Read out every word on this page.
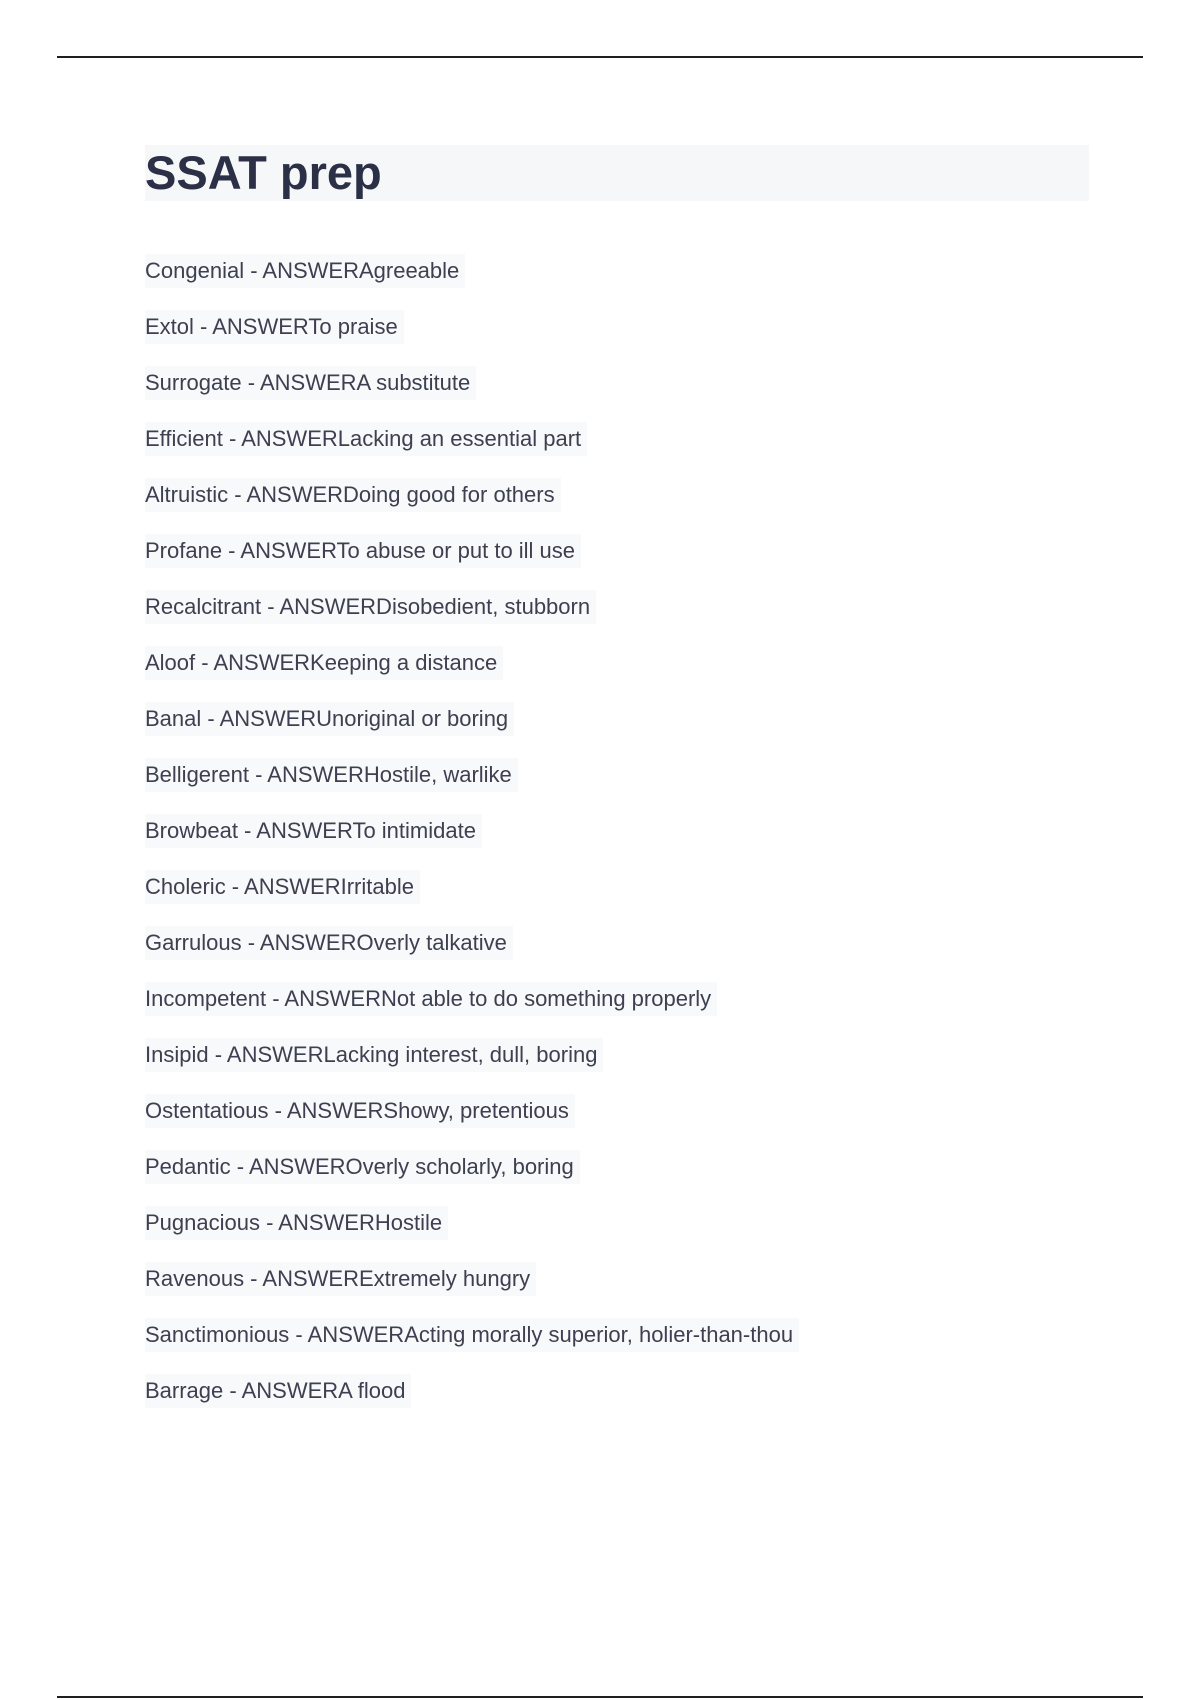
SSAT prep
Congenial - ANSWERAgreeable
Extol - ANSWERTo praise
Surrogate - ANSWERA substitute
Efficient - ANSWERLacking an essential part
Altruistic - ANSWERDoing good for others
Profane - ANSWERTo abuse or put to ill use
Recalcitrant - ANSWERDisobedient, stubborn
Aloof - ANSWERKeeping a distance
Banal - ANSWERUnoriginal or boring
Belligerent - ANSWERHostile, warlike
Browbeat - ANSWERTo intimidate
Choleric - ANSWERIrritable
Garrulous - ANSWEROverly talkative
Incompetent - ANSWERNot able to do something properly
Insipid - ANSWERLacking interest, dull, boring
Ostentatious - ANSWERShowy, pretentious
Pedantic - ANSWEROverly scholarly, boring
Pugnacious - ANSWERHostile
Ravenous - ANSWERExtremely hungry
Sanctimonious - ANSWERActing morally superior, holier-than-thou
Barrage - ANSWERA flood
